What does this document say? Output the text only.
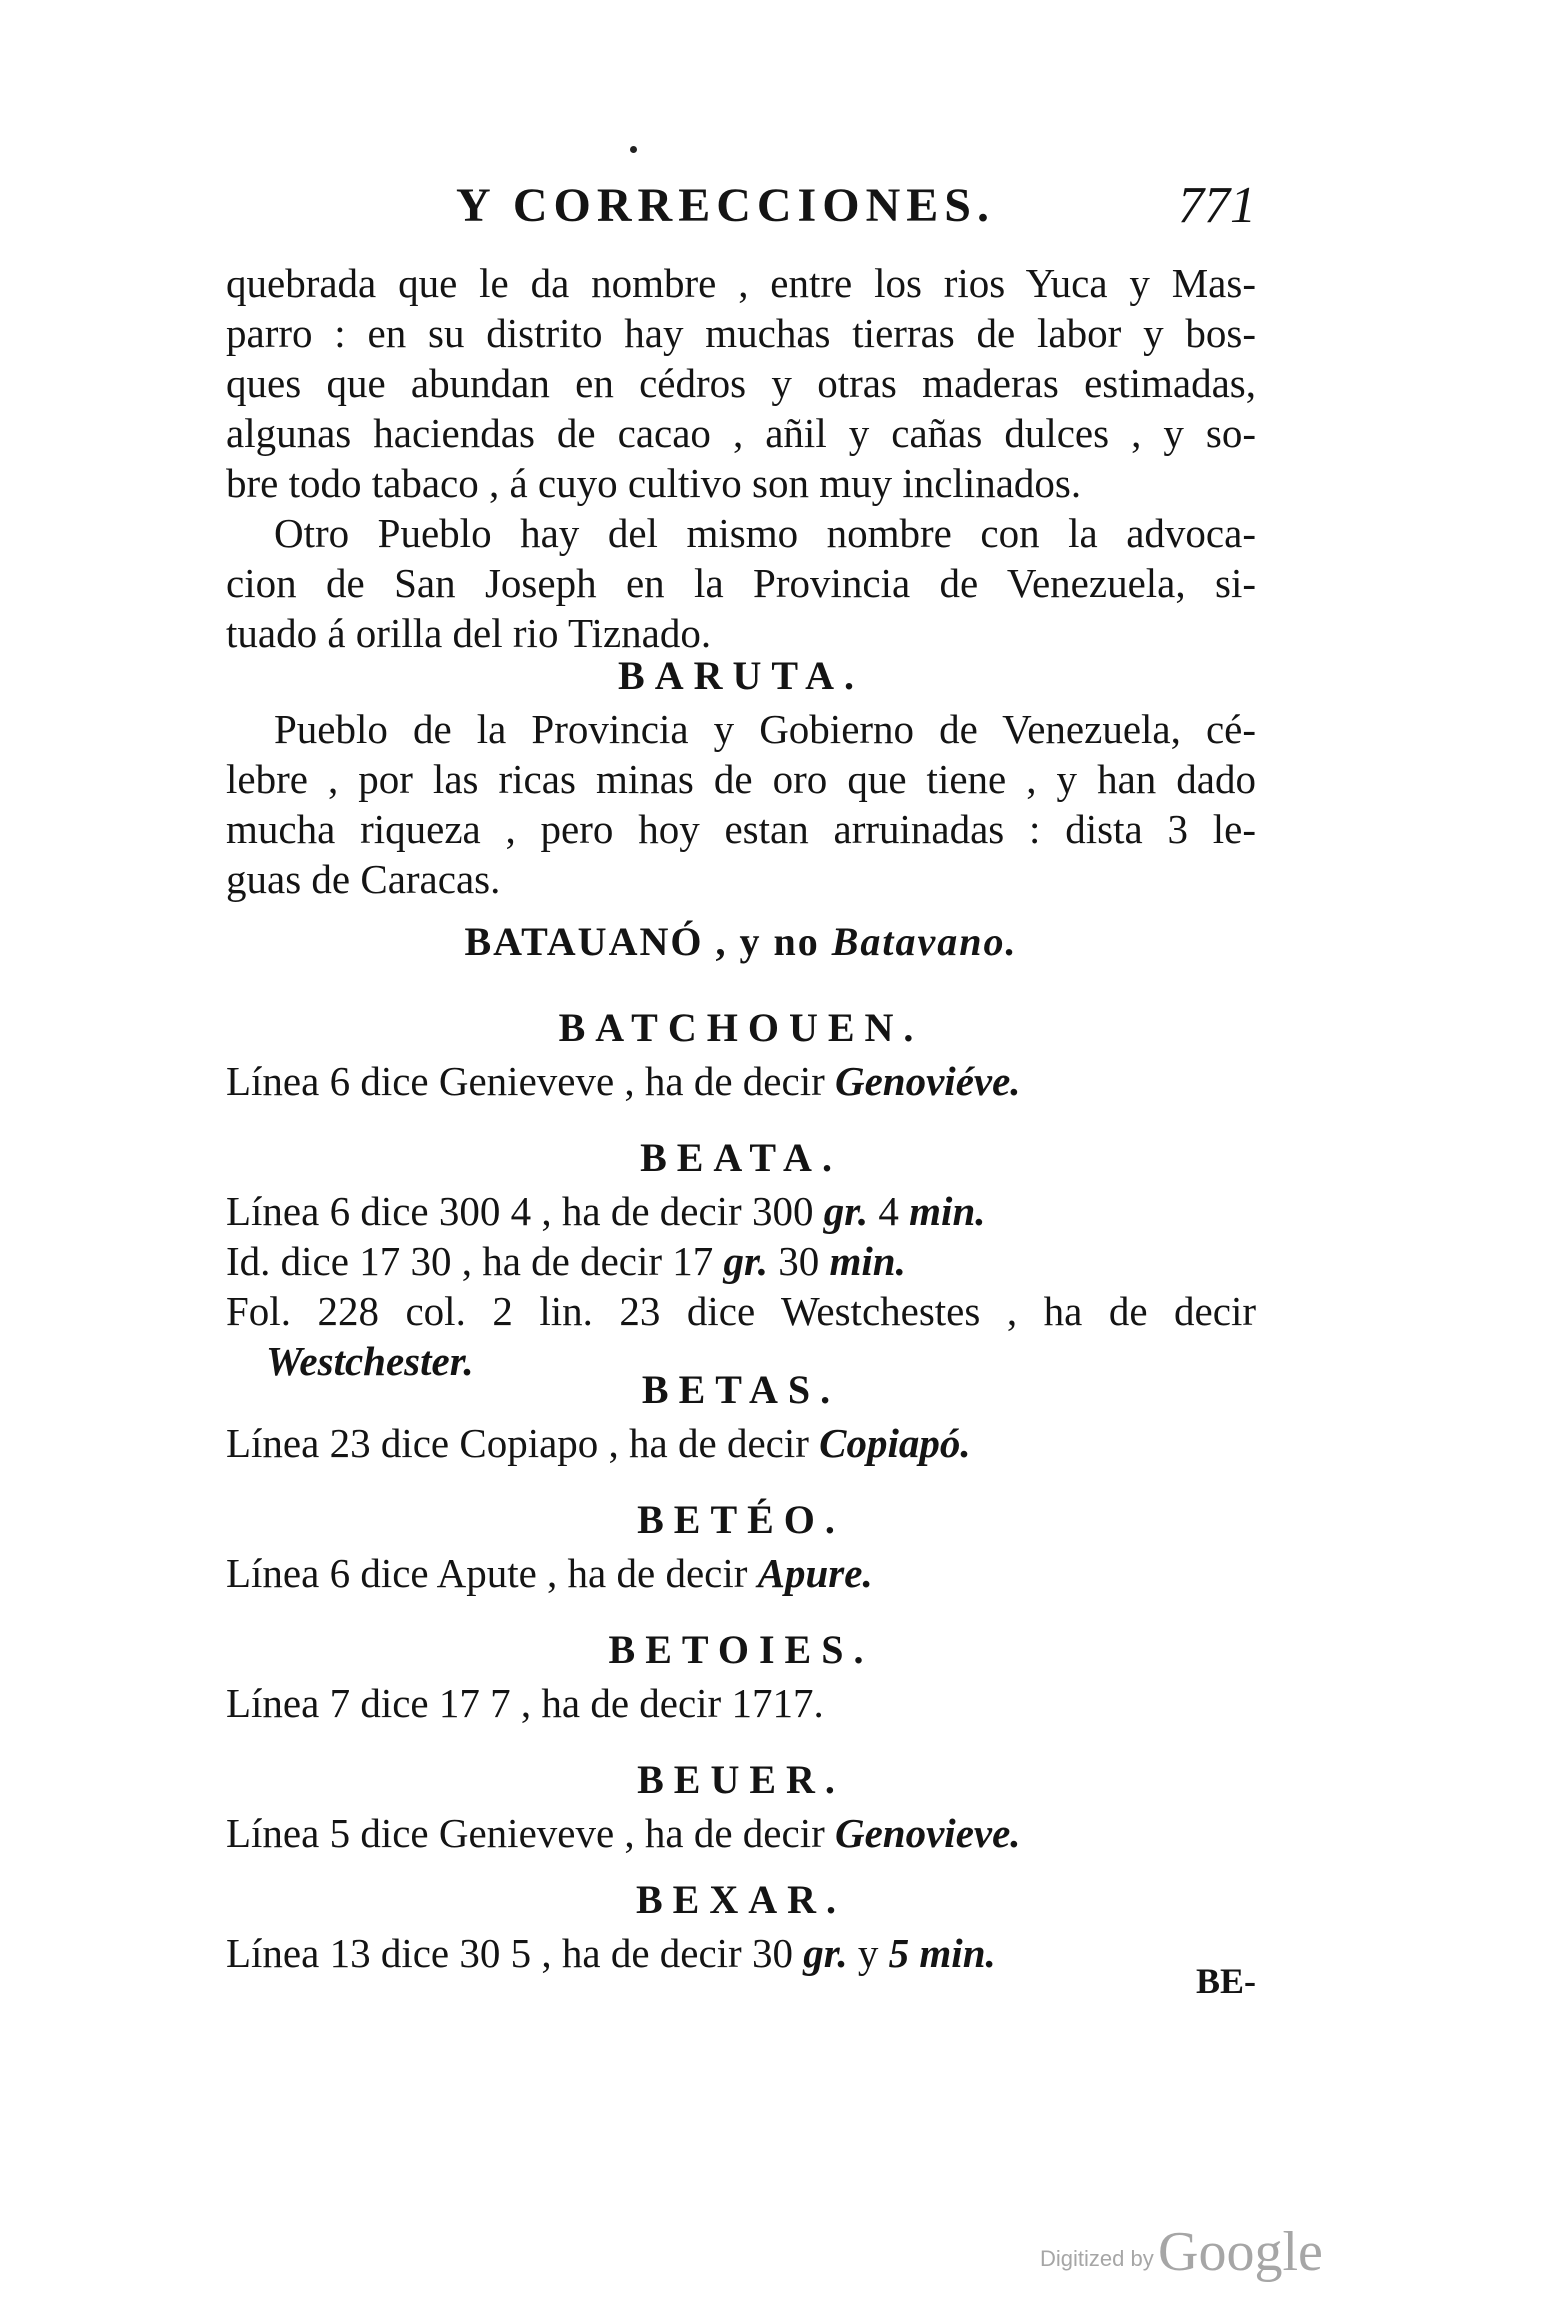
Y CORRECCIONES.	771
quebrada que le da nombre , entre los rios Yuca y Mas-
parro : en su distrito hay muchas tierras de labor y bos-
ques que abundan en cédros y otras maderas estimadas,
algunas haciendas de cacao , añil y cañas dulces , y so-
bre todo tabaco , á cuyo cultivo son muy inclinados.
Otro Pueblo hay del mismo nombre con la advoca-
cion de San Joseph en la Provincia de Venezuela, si-
tuado á orilla del rio Tiznado.
BARUTA.
Pueblo de la Provincia y Gobierno de Venezuela, cé-
lebre , por las ricas minas de oro que tiene , y han dado
mucha riqueza , pero hoy estan arruinadas : dista 3 le-
guas de Caracas.
BATAUANÓ , y no Batavano.
BATCHOUEN.
Línea 6 dice Genieveve , ha de decir Genoviéve.
BEATA.
Línea 6 dice 300 4 , ha de decir 300 gr. 4 min.
Id. dice 17 30 , ha de decir 17 gr. 30 min.
Fol. 228 col. 2 lin. 23 dice Westchestes , ha de decir
Westchester.
BETAS.
Línea 23 dice Copiapo , ha de decir Copiapó.
BETÉO.
Línea 6 dice Apute , ha de decir Apure.
BETOIES.
Línea 7 dice 17 7 , ha de decir 1717.
BEUER.
Línea 5 dice Genieveve , ha de decir Genovieve.
BEXAR.
Línea 13 dice 30 5 , ha de decir 30 gr. y 5 min.
BE-
Digitized by Google
